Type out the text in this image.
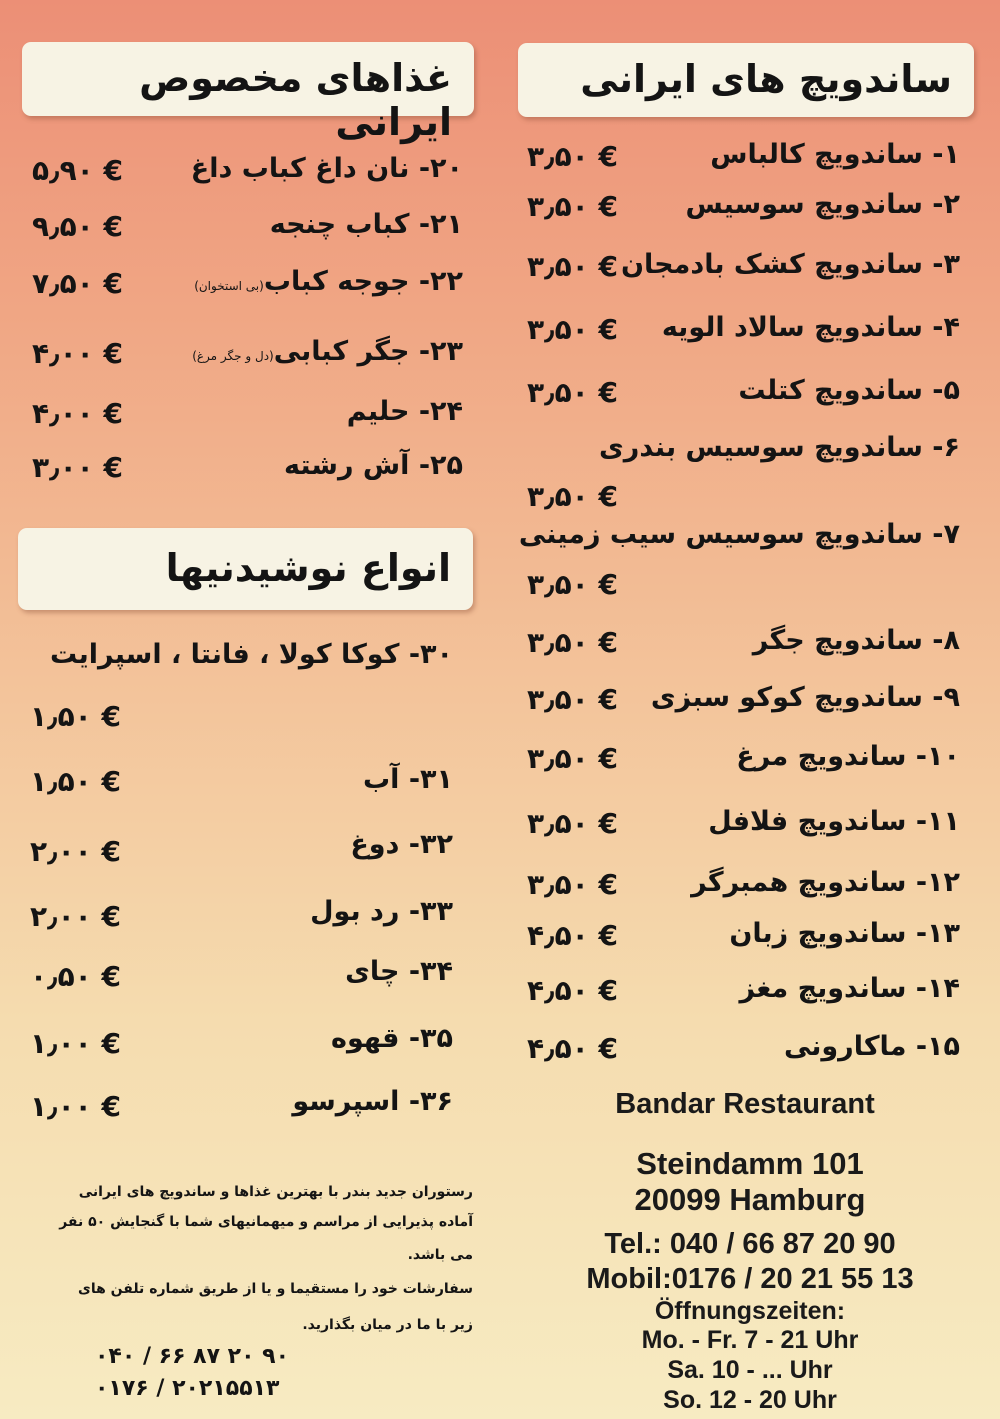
ساندویچ های ایرانی
۱- ساندویچ کالباس
۳٫۵۰ €
۲- ساندویچ سوسیس
۳٫۵۰ €
۳- ساندویچ کشک بادمجان
۳٫۵۰ €
۴- ساندویچ سالاد الویه
۳٫۵۰ €
۵- ساندویچ کتلت
۳٫۵۰ €
۶- ساندویچ سوسیس بندری
۳٫۵۰ €
۷- ساندویچ سوسیس سیب زمینی
۳٫۵۰ €
۸- ساندویچ جگر
۳٫۵۰ €
۹- ساندویچ کوکو سبزی
۳٫۵۰ €
۱۰- ساندویچ مرغ
۳٫۵۰ €
۱۱- ساندویچ فلافل
۳٫۵۰ €
۱۲- ساندویچ همبرگر
۳٫۵۰ €
۱۳- ساندویچ زبان
۴٫۵۰ €
۱۴- ساندویچ مغز
۴٫۵۰ €
۱۵- ماکارونی
۴٫۵۰ €
Bandar Restaurant
Steindamm 101
20099 Hamburg
Tel.: 040 / 66 87 20 90
Mobil:0176 / 20 21 55 13
Öffnungszeiten:
Mo. - Fr. 7 - 21 Uhr
Sa. 10 - ... Uhr
So. 12 - 20 Uhr
غذاهای مخصوص ایرانی
۲۰- نان داغ کباب داغ
۵٫۹۰ €
۲۱- کباب چنجه
۹٫۵۰ €
۲۲- جوجه کباب(بی استخوان)
۷٫۵۰ €
۲۳- جگر کبابی(دل و جگر مرغ)
۴٫۰۰ €
۲۴- حلیم
۴٫۰۰ €
۲۵- آش رشته
۳٫۰۰ €
انواع نوشیدنیها
۳۰- کوکا کولا ، فانتا ، اسپرایت
۱٫۵۰ €
۳۱- آب
۱٫۵۰ €
۳۲- دوغ
۲٫۰۰ €
۳۳- رد بول
۲٫۰۰ €
۳۴- چای
۰٫۵۰ €
۳۵- قهوه
۱٫۰۰ €
۳۶- اسپرسو
۱٫۰۰ €
رستوران جدید بندر با بهترین غذاها و ساندویچ های ایرانی
آماده پذیرایی از مراسم و میهمانیهای شما با گنجایش ۵۰ نفر
می باشد.
سفارشات خود را مستقیما و یا از طریق شماره تلفن های
زیر با ما در میان بگذارید.
۰۴۰ / ۶۶ ۸۷ ۲۰ ۹۰
۰۱۷۶ / ۲۰۲۱۵۵۱۳
